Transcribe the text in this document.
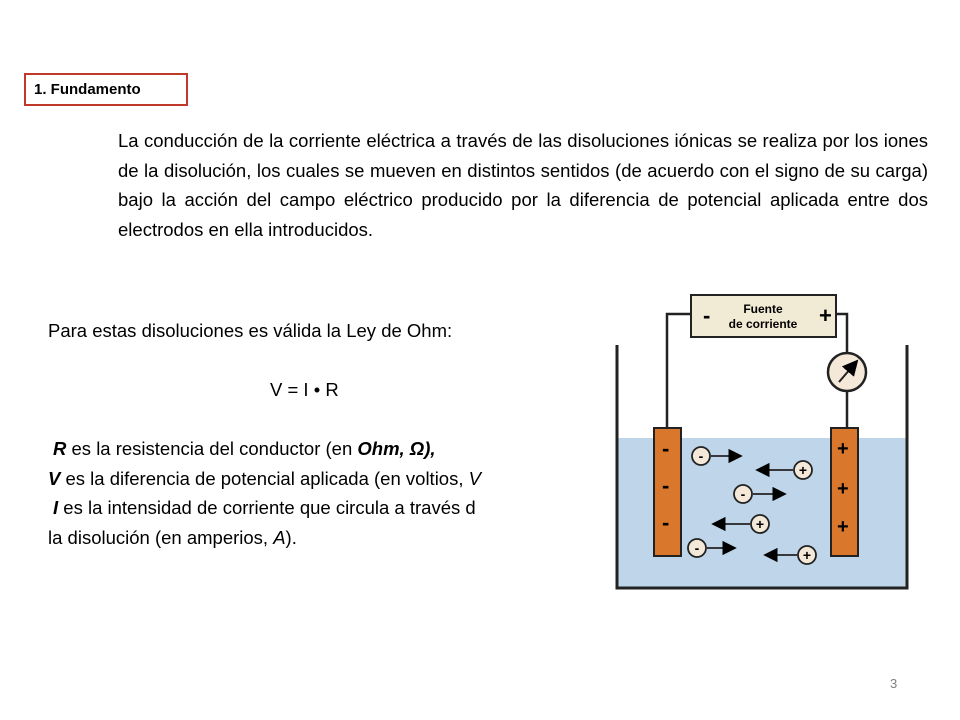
1. Fundamento
La conducción de la corriente eléctrica a través de las disoluciones iónicas se realiza por los iones de la disolución, los cuales se mueven en distintos sentidos (de acuerdo con el signo de su carga) bajo la acción del campo eléctrico producido por la diferencia de potencial aplicada entre dos electrodos en ella introducidos.
Para estas disoluciones es válida la Ley de Ohm:
V = I • R
R es la resistencia del conductor (en Ohm, Ω),
V es la diferencia de potencial aplicada (en voltios, V
I es la intensidad de corriente que circula a través d
la disolución (en amperios, A).
-	+
Fuente
de corriente
-
-
-
+
+
+
-
+
-
+
-	+
3
